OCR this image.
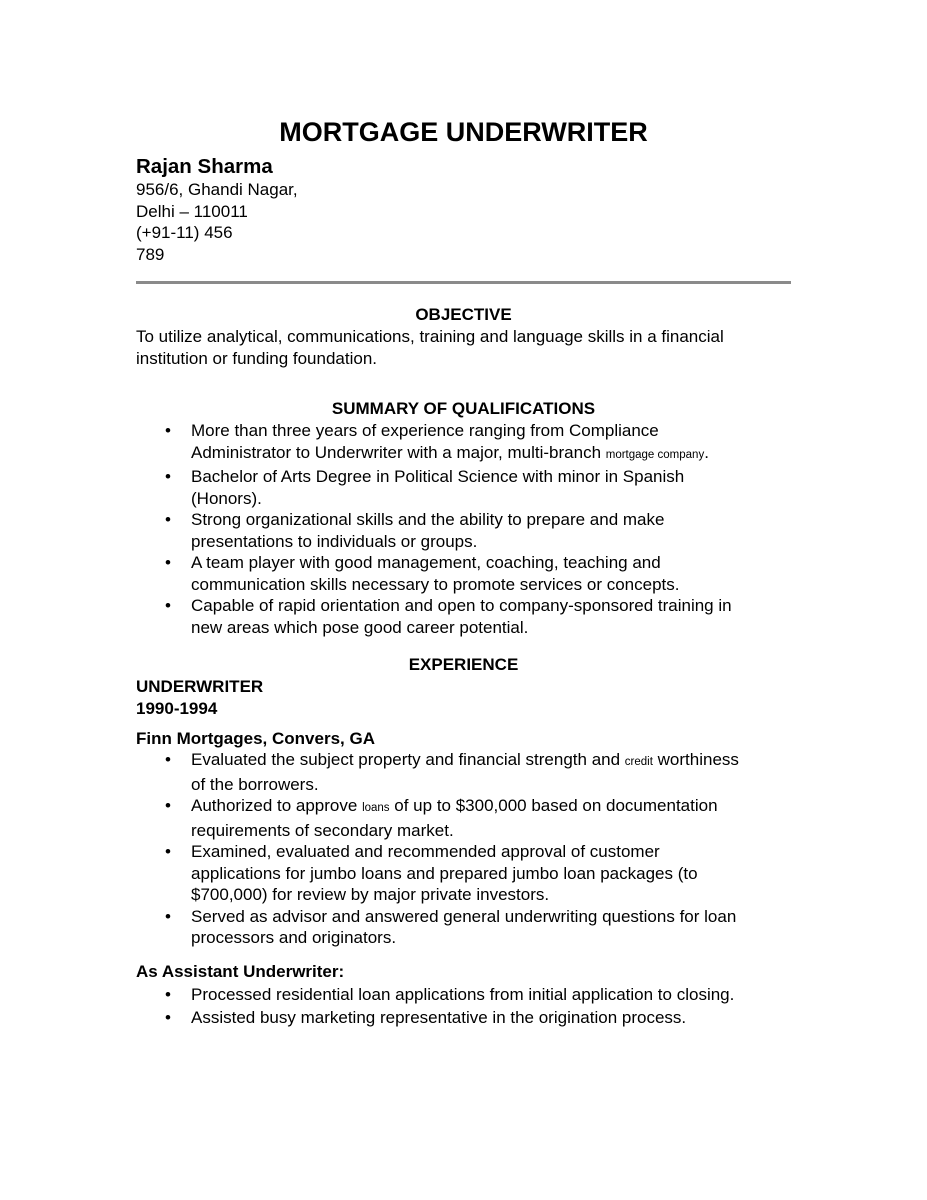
MORTGAGE UNDERWRITER
Rajan Sharma
956/6, Ghandi Nagar,
Delhi – 110011
(+91-11) 456
789
OBJECTIVE
To utilize analytical, communications, training and language skills in a financial
institution or funding foundation.
SUMMARY OF QUALIFICATIONS
• More than three years of experience ranging from Compliance
Administrator to Underwriter with a major, multi-branch mortgage company.
• Bachelor of Arts Degree in Political Science with minor in Spanish
(Honors).
• Strong organizational skills and the ability to prepare and make
presentations to individuals or groups.
• A team player with good management, coaching, teaching and
communication skills necessary to promote services or concepts.
• Capable of rapid orientation and open to company-sponsored training in
new areas which pose good career potential.
EXPERIENCE
UNDERWRITER
1990-1994
Finn Mortgages, Convers, GA
• Evaluated the subject property and financial strength and credit worthiness
of the borrowers.
• Authorized to approve loans of up to $300,000 based on documentation
requirements of secondary market.
• Examined, evaluated and recommended approval of customer
applications for jumbo loans and prepared jumbo loan packages (to
$700,000) for review by major private investors.
• Served as advisor and answered general underwriting questions for loan
processors and originators.
As Assistant Underwriter:
• Processed residential loan applications from initial application to closing.
• Assisted busy marketing representative in the origination process.
